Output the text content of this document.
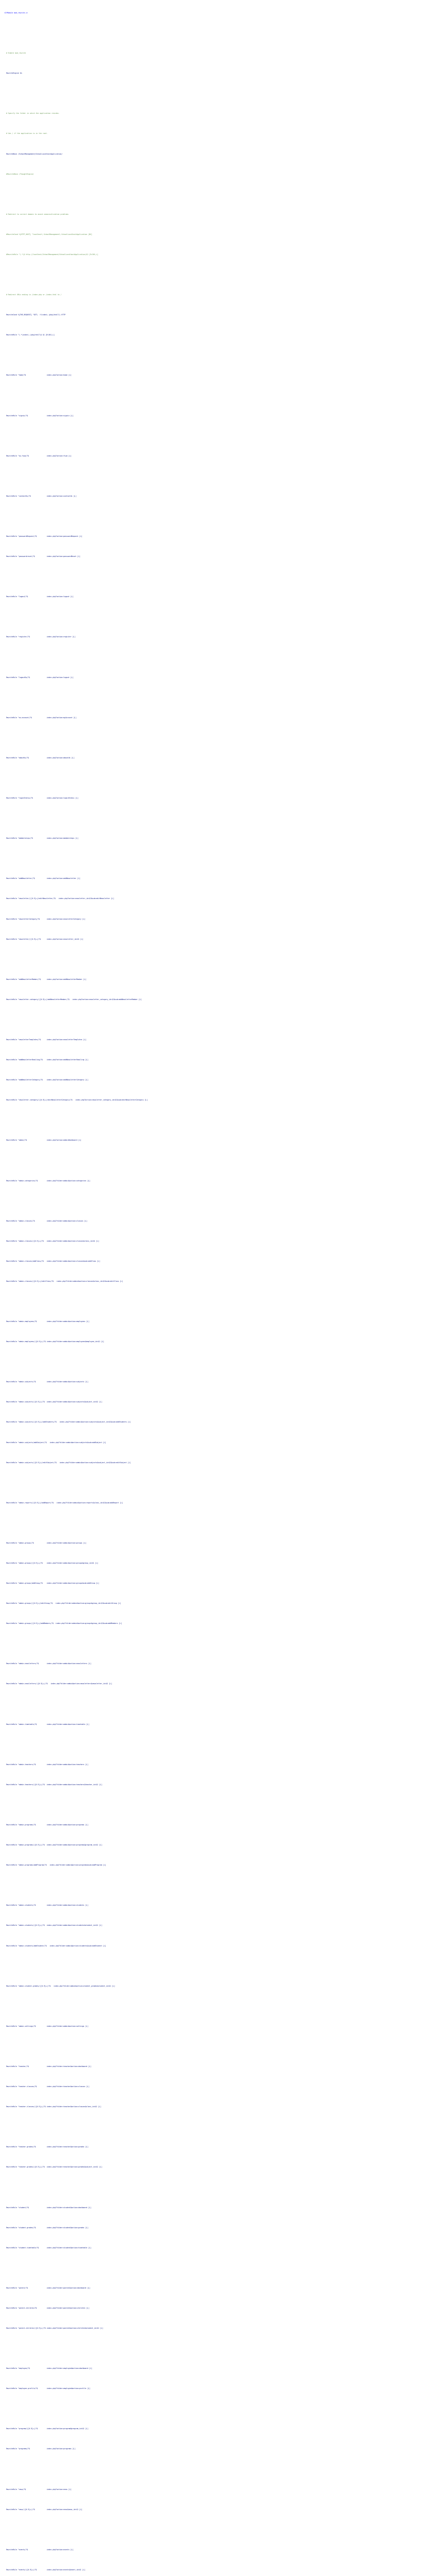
<IfModule mod_rewrite.c>
# Enable mod_rewrite
RewriteEngine On
# Specify the folder in which the application resides.
# Use / if the application is in the root.
RewriteBase /SchoolManagement/SchoolLocalhostApplication/
#RewriteBase /ThoughtEngine/
# Redirect to correct domain to avoid canonicalization problems
#RewriteCond %{HTTP_HOST} ^localhost\.SchoolManagement\.SchoolLocalhostApplication [NC]
#RewriteRule ^(.*)$ http://localhost/SchoolManagement/SchoolLocalhostApplication/$1 [R=301,L]
# Redirect URLs ending in /index.php or /index.html to /
RewriteCond %{THE_REQUEST} ^GET\ .*/index\.(php|html?)\ HTTP
RewriteRule ^(.*)index\.(php|html?)$ $1 [R=301,L]
RewriteRule ^home/?$                     index.php?action=home [L]
RewriteRule ^signin/?$                   index.php?action=signin [L]
RewriteRule ^au-fsub/?$                  index.php?action=fsub [L]
RewriteRule ^contactUs/?$                index.php?action=contactUs [L]
RewriteRule ^passwordRequest/?$          index.php?action=passwordRequest [L]
RewriteRule ^passwordreset/?$            index.php?action=passwordReset [L]
RewriteRule ^logout/?$                   index.php?action=logout [L]
RewriteRule ^register/?$                 index.php?action=register [L]
RewriteRule ^logoutGo/?$                 index.php?action=logout [L]
RewriteRule ^au-account/?$               index.php?action=myAccount [L]
RewriteRule ^aboutUs/?$                  index.php?action=aboutUs [L]
RewriteRule ^loginStatus/?$              index.php?action=loginStatus [L]
RewriteRule ^memberships/?$              index.php?action=memberships [L]
RewriteRule ^addNewsletter/?$            index.php?action=addNewsletter [L]
RewriteRule ^newsletter/([0-9]+)/editNewsletter/?$   index.php?action=newsletter_id=$1&sub=editNewsletter [L]
RewriteRule ^newsletterCategory/?$       index.php?action=newsletterCategory [L]
RewriteRule ^newsletter/([0-9]+)/?$      index.php?action=newsletter_id=$1 [L]
RewriteRule ^addNewsletterMember/?$      index.php?action=addNewsletterMember [L]
RewriteRule ^newsletter-category/([0-9]+)/addNewsletterMember/?$   index.php?action=newsletter_category_id=$1&sub=addNewsletterMember [L]
RewriteRule ^newsletterTemplates/?$      index.php?action=newsletterTemplates [L]
RewriteRule ^addNewsletterEmailing/?$    index.php?action=addNewsletterEmailing [L]
RewriteRule ^addNewsletterCategory/?$    index.php?action=addNewsletterCategory [L]
RewriteRule ^newsletter-category/([0-9]+)/editNewsletterCategory/?$   index.php?action=newsletter_category_id=$1&sub=editNewsletterCategory [L]
RewriteRule ^admin/?$                    index.php?action=adminDashboard [L]
RewriteRule ^admin-categories/?$         index.php?folder=admin&action=categories [L]
RewriteRule ^admin-classes/?$            index.php?folder=admin&action=classes [L]
RewriteRule ^admin-classes/([0-9]+)/?$   index.php?folder=admin&action=classes&class_id=$1 [L]
RewriteRule ^admin-classes/addClass/?$   index.php?folder=admin&action=classes&sub=addClass [L]
RewriteRule ^admin-classes/([0-9]+)/editClass/?$   index.php?folder=admin&action=classes&class_id=$1&sub=editClass [L]
RewriteRule ^admin-employees/?$          index.php?folder=admin&action=employees [L]
RewriteRule ^admin-employees/([0-9]+)/?$ index.php?folder=admin&action=employees&employee_id=$1 [L]
RewriteRule ^admin-subjects/?$           index.php?folder=admin&action=subjects [L]
RewriteRule ^admin-subjects/([0-9]+)/?$  index.php?folder=admin&action=subjects&subject_id=$1 [L]
RewriteRule ^admin-subjects/([0-9]+)/addStudents/?$   index.php?folder=admin&action=subjects&subject_id=$1&sub=addStudents [L]
RewriteRule ^admin-subjects/addSubject/?$   index.php?folder=admin&action=subjects&sub=addSubject [L]
RewriteRule ^admin-subjects/([0-9]+)/editSubject/?$   index.php?folder=admin&action=subjects&subject_id=$1&sub=editSubject [L]
RewriteRule ^admin-reports/([0-9]+)/addReport/?$   index.php?folder=admin&action=reports&class_id=$1&sub=addReport [L]
RewriteRule ^admin-groups/?$             index.php?folder=admin&action=groups [L]
RewriteRule ^admin-groups/([0-9]+)/?$    index.php?folder=admin&action=groups&group_id=$1 [L]
RewriteRule ^admin-groups/addGroup/?$    index.php?folder=admin&action=groups&sub=addGroup [L]
RewriteRule ^admin-groups/([0-9]+)/editGroup/?$   index.php?folder=admin&action=groups&group_id=$1&sub=editGroup [L]
RewriteRule ^admin-groups/([0-9]+)/addMembers/?$  index.php?folder=admin&action=groups&group_id=$1&sub=addMembers [L]
RewriteRule ^admin-newsletters/?$        index.php?folder=admin&action=newsletters [L]
RewriteRule ^admin-newsletters/([0-9]+)/?$   index.php?folder=admin&action=newsletters&newsletter_id=$1 [L]
RewriteRule ^admin-timetable/?$          index.php?folder=admin&action=timetable [L]
RewriteRule ^admin-teachers/?$           index.php?folder=admin&action=teachers [L]
RewriteRule ^admin-teachers/([0-9]+)/?$  index.php?folder=admin&action=teachers&teacher_id=$1 [L]
RewriteRule ^admin-programs/?$           index.php?folder=admin&action=programs [L]
RewriteRule ^admin-programs/([0-9]+)/?$  index.php?folder=admin&action=programs&program_id=$1 [L]
RewriteRule ^admin-programs/addProgram/?$   index.php?folder=admin&action=programs&sub=addProgram [L]
RewriteRule ^admin-students/?$           index.php?folder=admin&action=students [L]
RewriteRule ^admin-students/([0-9]+)/?$  index.php?folder=admin&action=students&student_id=$1 [L]
RewriteRule ^admin-students/addStudent/?$   index.php?folder=admin&action=students&sub=addStudent [L]
RewriteRule ^admin-student-grades/([0-9]+)/?$   index.php?folder=admin&action=student_grades&student_id=$1 [L]
RewriteRule ^admin-settings/?$           index.php?folder=admin&action=settings [L]
RewriteRule ^teacher/?$                  index.php?folder=teacher&action=dashboard [L]
RewriteRule ^teacher-classes/?$          index.php?folder=teacher&action=classes [L]
RewriteRule ^teacher-classes/([0-9]+)/?$ index.php?folder=teacher&action=classes&class_id=$1 [L]
RewriteRule ^teacher-grades/?$           index.php?folder=teacher&action=grades [L]
RewriteRule ^teacher-grades/([0-9]+)/?$  index.php?folder=teacher&action=grades&subject_id=$1 [L]
RewriteRule ^student/?$                  index.php?folder=student&action=dashboard [L]
RewriteRule ^student-grades/?$           index.php?folder=student&action=grades [L]
RewriteRule ^student-timetable/?$        index.php?folder=student&action=timetable [L]
RewriteRule ^parent/?$                   index.php?folder=parent&action=dashboard [L]
RewriteRule ^parent-children/?$          index.php?folder=parent&action=children [L]
RewriteRule ^parent-children/([0-9]+)/?$ index.php?folder=parent&action=children&student_id=$1 [L]
RewriteRule ^employee/?$                 index.php?folder=employee&action=dashboard [L]
RewriteRule ^employee-profile/?$         index.php?folder=employee&action=profile [L]
RewriteRule ^program/([0-9]+)/?$         index.php?action=program&program_id=$1 [L]
RewriteRule ^programs/?$                 index.php?action=programs [L]
RewriteRule ^news/?$                     index.php?action=news [L]
RewriteRule ^news/([0-9]+)/?$            index.php?action=news&news_id=$1 [L]
RewriteRule ^events/?$                   index.php?action=events [L]
RewriteRule ^events/([0-9]+)/?$          index.php?action=events&event_id=$1 [L]
